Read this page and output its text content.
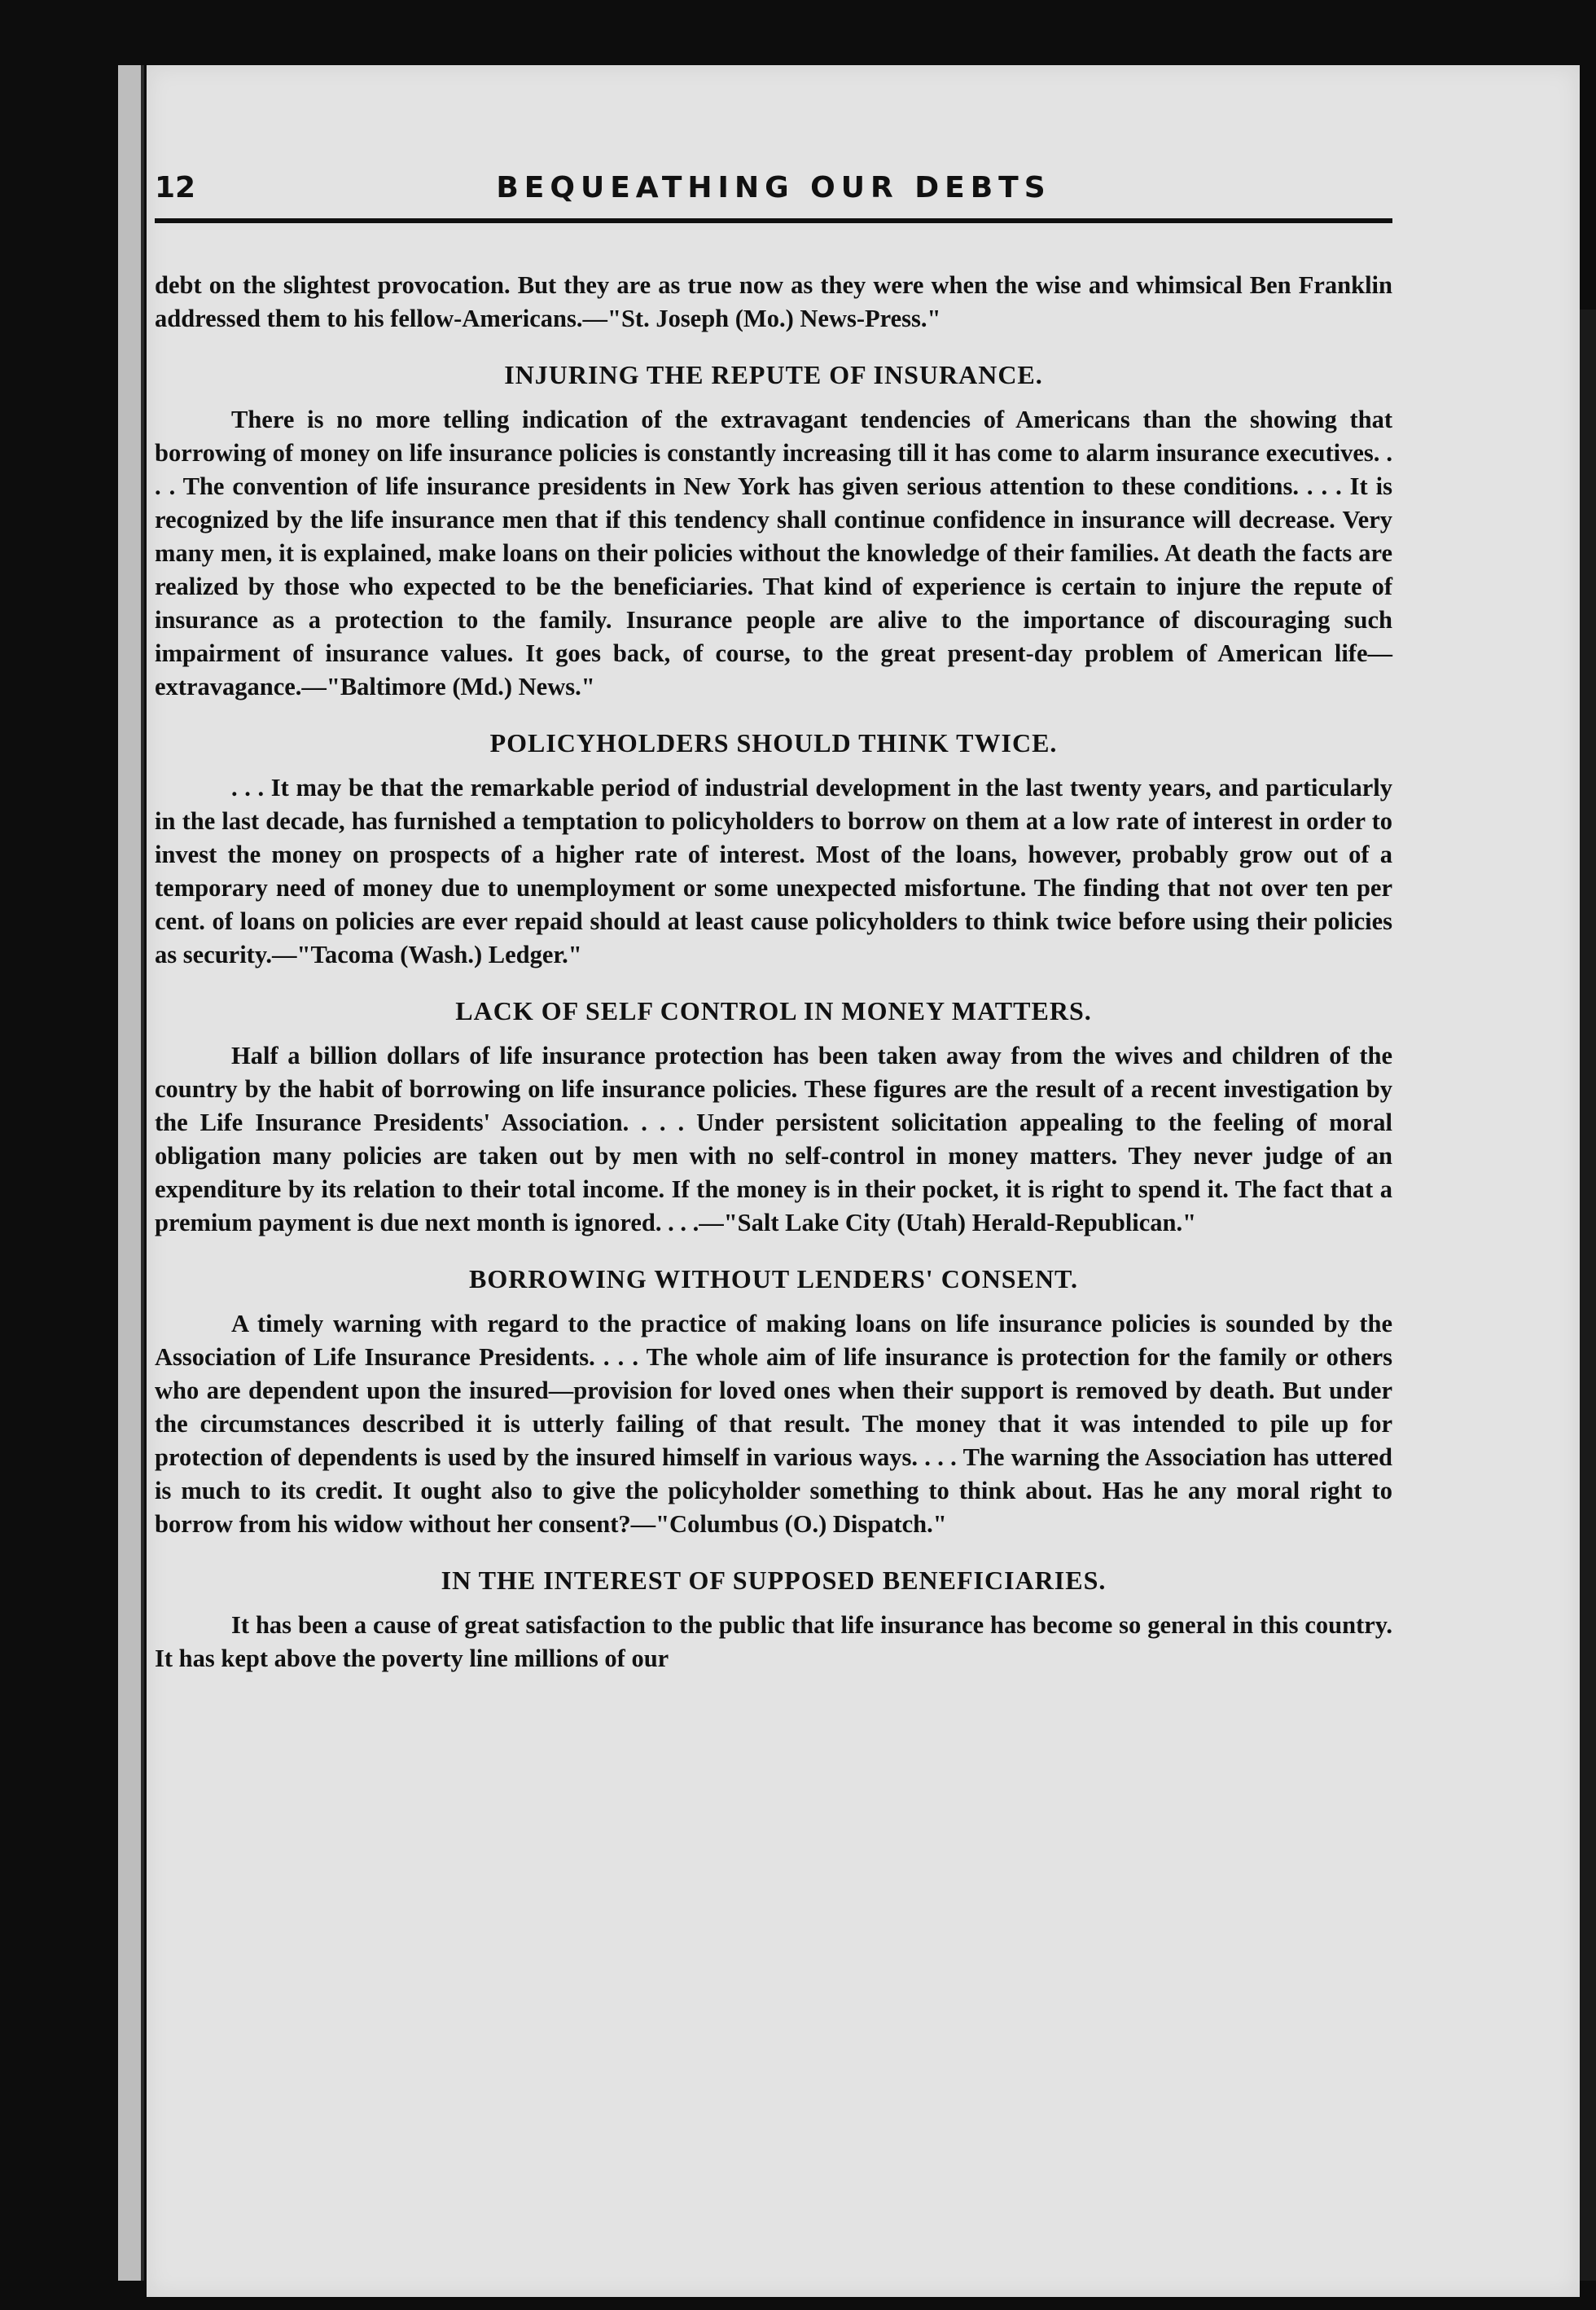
12	BEQUEATHING OUR DEBTS

debt on the slightest provocation. But they are as true now as they were when the wise and whimsical Ben Franklin addressed them to his fellow-Americans.—"St. Joseph (Mo.) News-Press."

INJURING THE REPUTE OF INSURANCE.

There is no more telling indication of the extravagant tendencies of Americans than the showing that borrowing of money on life insurance policies is constantly increasing till it has come to alarm insurance executives. . . . The convention of life insurance presidents in New York has given serious attention to these conditions. . . . It is recognized by the life insurance men that if this tendency shall continue confidence in insurance will decrease. Very many men, it is explained, make loans on their policies without the knowledge of their families. At death the facts are realized by those who expected to be the beneficiaries. That kind of experience is certain to injure the repute of insurance as a protection to the family. Insurance people are alive to the importance of discouraging such impairment of insurance values. It goes back, of course, to the great present-day problem of American life—extravagance.—"Baltimore (Md.) News."

POLICYHOLDERS SHOULD THINK TWICE.

. . . It may be that the remarkable period of industrial development in the last twenty years, and particularly in the last decade, has furnished a temptation to policyholders to borrow on them at a low rate of interest in order to invest the money on prospects of a higher rate of interest. Most of the loans, however, probably grow out of a temporary need of money due to unemployment or some unexpected misfortune. The finding that not over ten per cent. of loans on policies are ever repaid should at least cause policyholders to think twice before using their policies as security.—"Tacoma (Wash.) Ledger."

LACK OF SELF CONTROL IN MONEY MATTERS.

Half a billion dollars of life insurance protection has been taken away from the wives and children of the country by the habit of borrowing on life insurance policies. These figures are the result of a recent investigation by the Life Insurance Presidents' Association. . . . Under persistent solicitation appealing to the feeling of moral obligation many policies are taken out by men with no self-control in money matters. They never judge of an expenditure by its relation to their total income. If the money is in their pocket, it is right to spend it. The fact that a premium payment is due next month is ignored. . . .—"Salt Lake City (Utah) Herald-Republican."

BORROWING WITHOUT LENDERS' CONSENT.

A timely warning with regard to the practice of making loans on life insurance policies is sounded by the Association of Life Insurance Presidents. . . . The whole aim of life insurance is protection for the family or others who are dependent upon the insured—provision for loved ones when their support is removed by death. But under the circumstances described it is utterly failing of that result. The money that it was intended to pile up for protection of dependents is used by the insured himself in various ways. . . . The warning the Association has uttered is much to its credit. It ought also to give the policyholder something to think about. Has he any moral right to borrow from his widow without her consent?—"Columbus (O.) Dispatch."

IN THE INTEREST OF SUPPOSED BENEFICIARIES.

It has been a cause of great satisfaction to the public that life insurance has become so general in this country. It has kept above the poverty line millions of our
